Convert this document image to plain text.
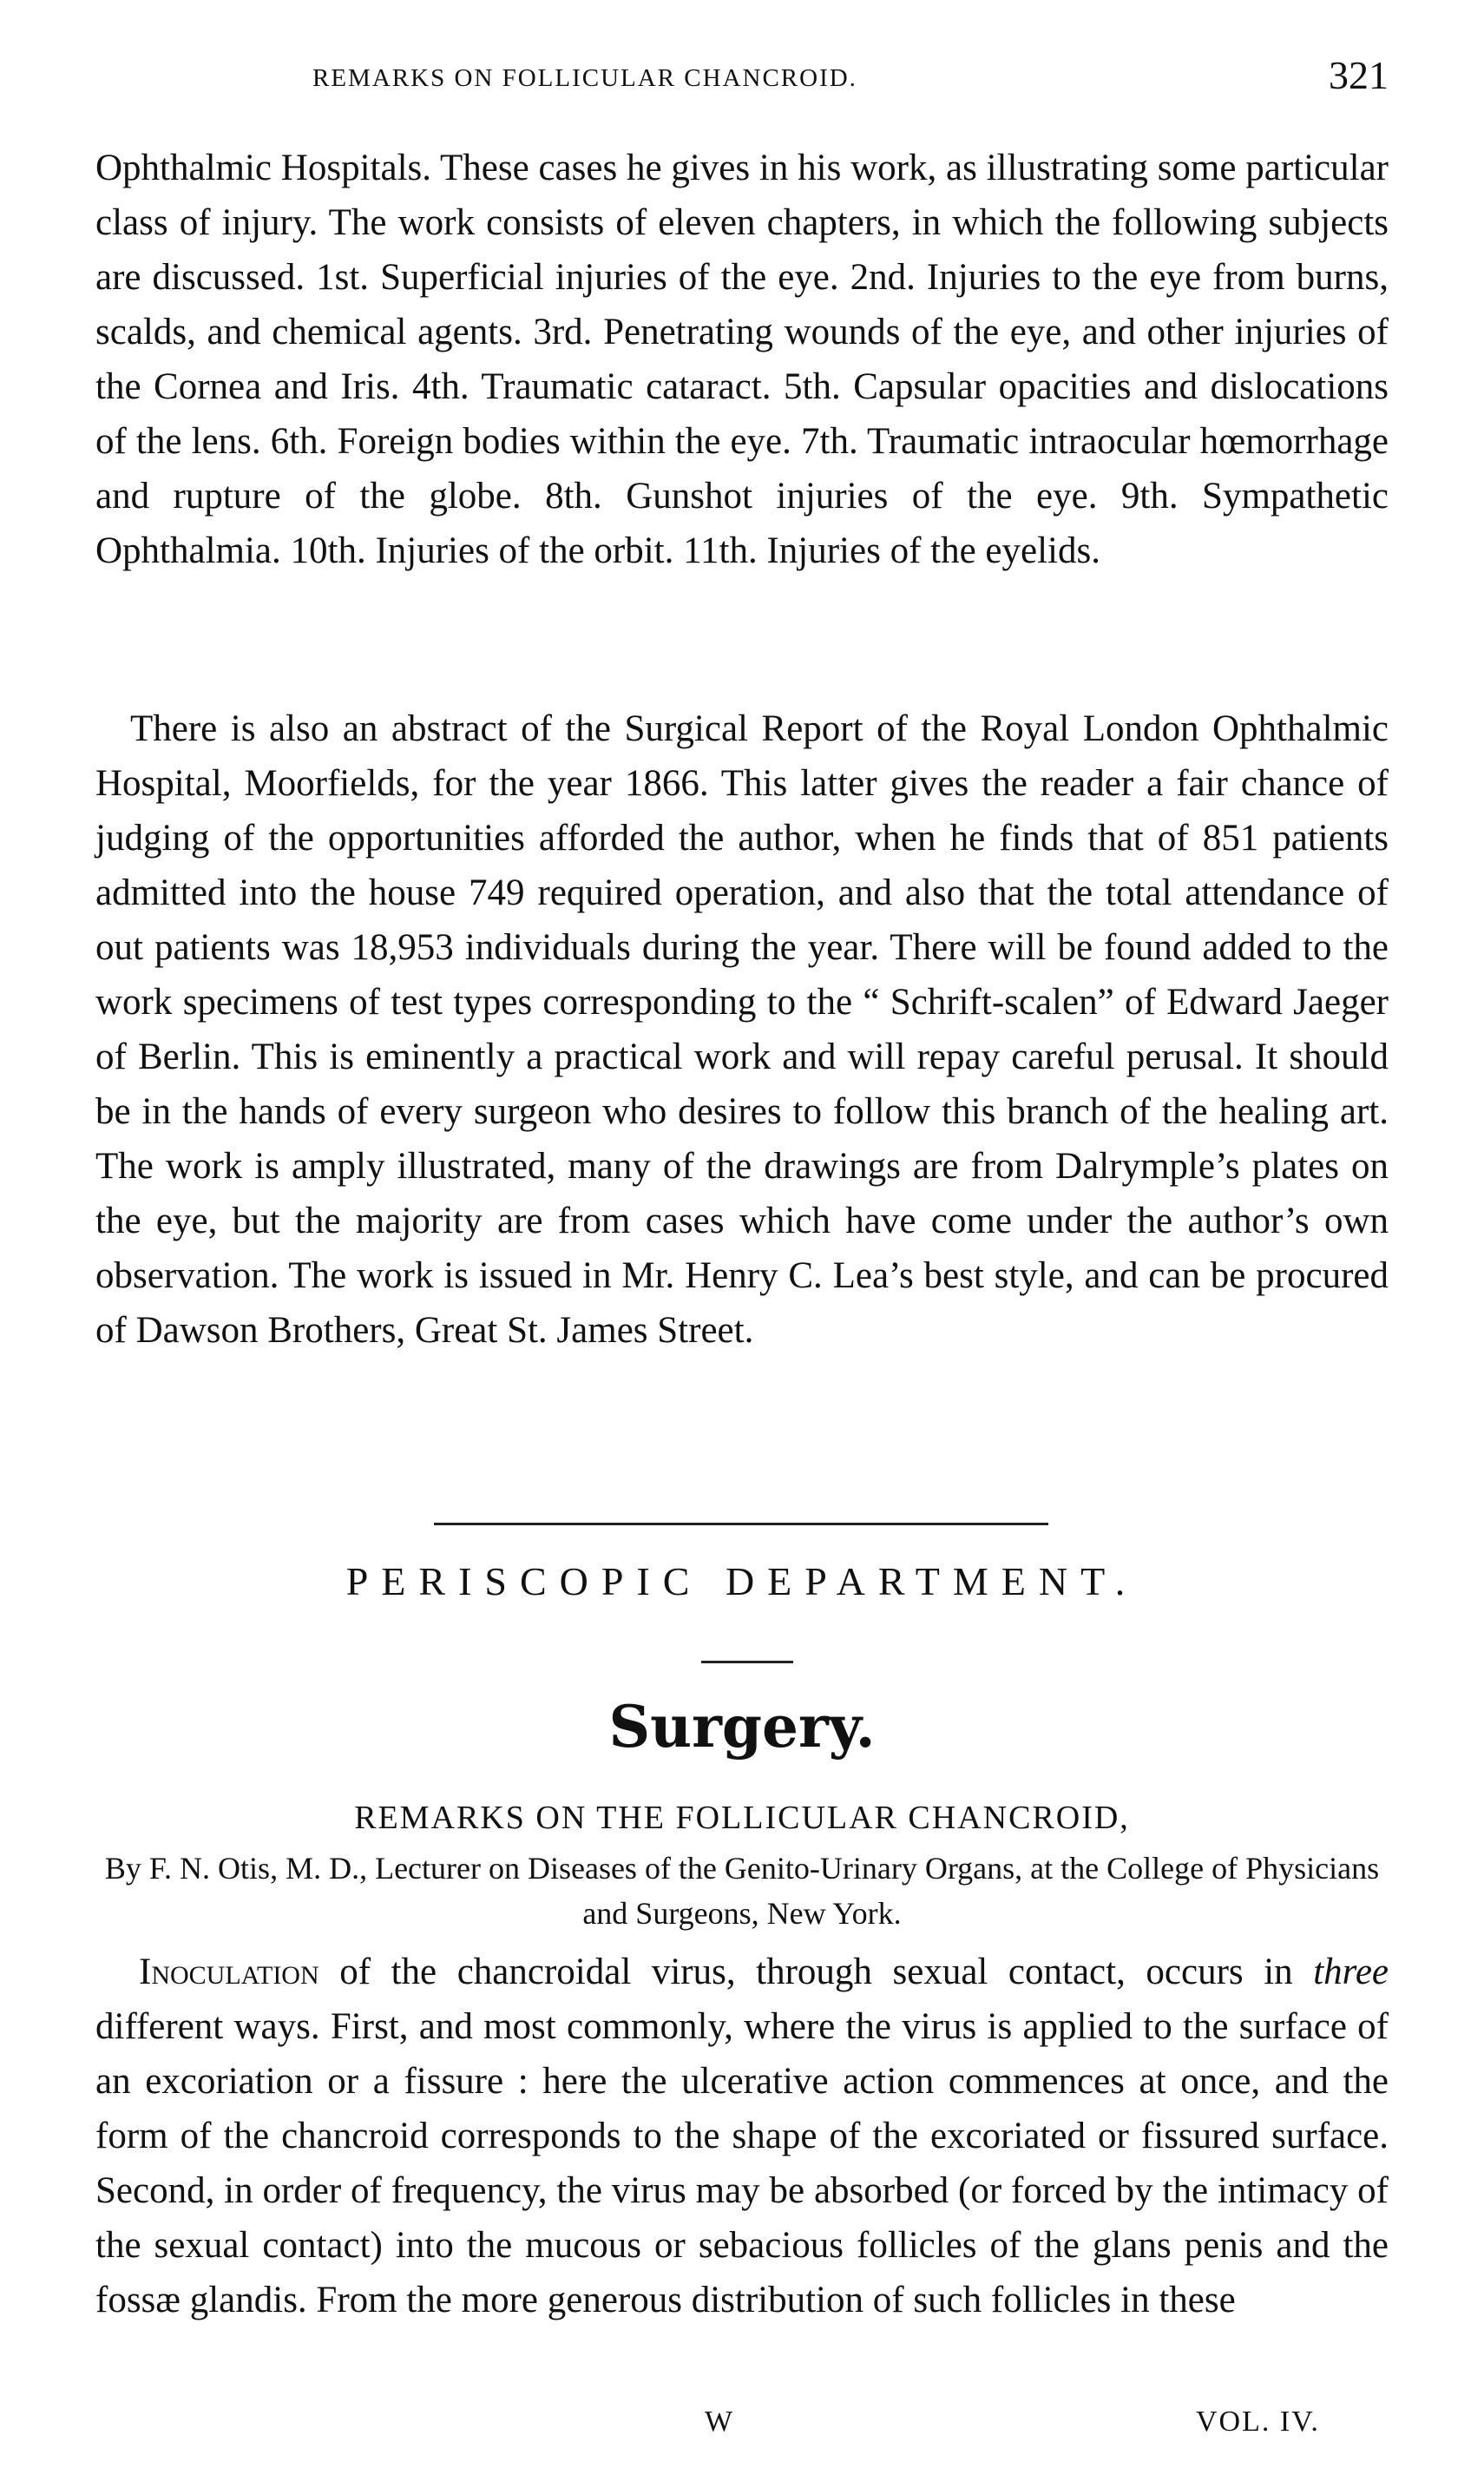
REMARKS ON FOLLICULAR CHANCROID.	321

Ophthalmic Hospitals. These cases he gives in his work, as illustrating some particular class of injury. The work consists of eleven chapters, in which the following subjects are discussed. 1st. Superficial injuries of the eye. 2nd. Injuries to the eye from burns, scalds, and chemical agents. 3rd. Penetrating wounds of the eye, and other injuries of the Cornea and Iris. 4th. Traumatic cataract. 5th. Capsular opacities and dislocations of the lens. 6th. Foreign bodies within the eye. 7th. Traumatic intraocular hœmorrhage and rupture of the globe. 8th. Gunshot injuries of the eye. 9th. Sympathetic Ophthalmia. 10th. Injuries of the orbit. 11th. Injuries of the eyelids.

There is also an abstract of the Surgical Report of the Royal London Ophthalmic Hospital, Moorfields, for the year 1866. This latter gives the reader a fair chance of judging of the opportunities afforded the author, when he finds that of 851 patients admitted into the house 749 required operation, and also that the total attendance of out patients was 18,953 individuals during the year. There will be found added to the work specimens of test types corresponding to the “ Schrift-scalen” of Edward Jaeger of Berlin. This is eminently a practical work and will repay careful perusal. It should be in the hands of every surgeon who desires to follow this branch of the healing art. The work is amply illustrated, many of the drawings are from Dalrymple’s plates on the eye, but the majority are from cases which have come under the author’s own observation. The work is issued in Mr. Henry C. Lea’s best style, and can be procured of Dawson Brothers, Great St. James Street.

PERISCOPIC DEPARTMENT.
Surgery.
REMARKS ON THE FOLLICULAR CHANCROID,

By F. N. Otis, M. D., Lecturer on Diseases of the Genito-Urinary Organs, at the College of Physicians and Surgeons, New York.

Inoculation of the chancroidal virus, through sexual contact, occurs in three different ways. First, and most commonly, where the virus is applied to the surface of an excoriation or a fissure : here the ulcerative action commences at once, and the form of the chancroid corresponds to the shape of the excoriated or fissured surface. Second, in order of frequency, the virus may be absorbed (or forced by the intimacy of the sexual contact) into the mucous or sebacious follicles of the glans penis and the fossæ glandis. From the more generous distribution of such follicles in these

W	VOL. IV.
